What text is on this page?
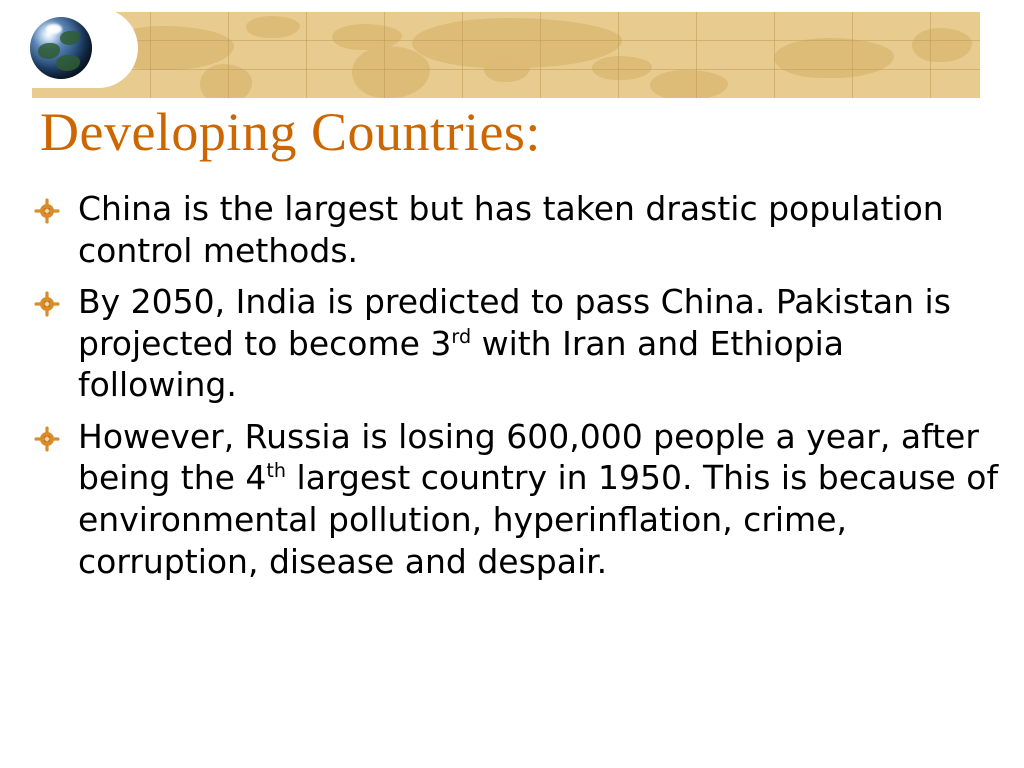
Developing Countries:
China is the largest but has taken drastic population control methods.
By 2050, India is predicted to pass China. Pakistan is projected to become 3rd with Iran and Ethiopia following.
However, Russia is losing 600,000 people a year, after being the 4th largest country in 1950. This is because of environmental pollution, hyperinflation, crime, corruption, disease and despair.
